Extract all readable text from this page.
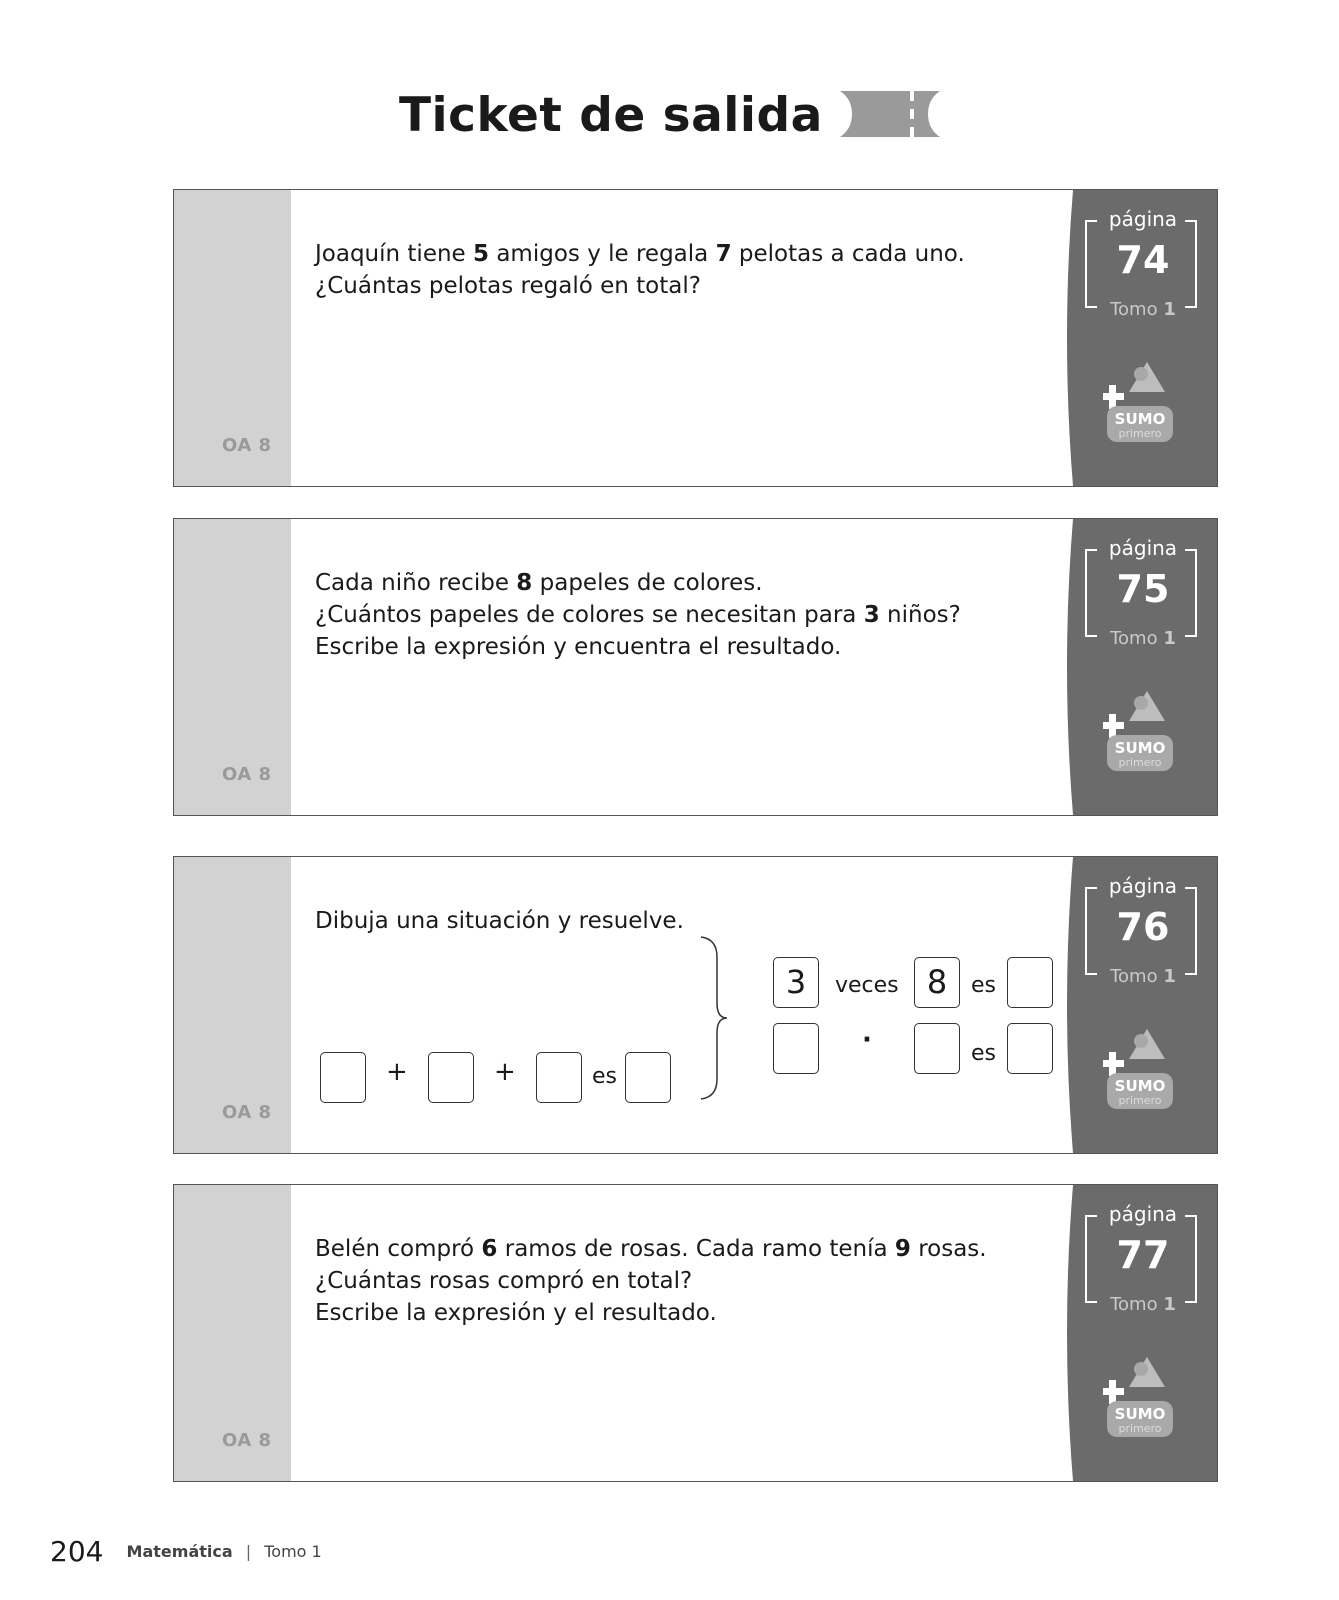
Ticket de salida
OA 8
Joaquín tiene 5 amigos y le regala 7 pelotas a cada uno.
¿Cuántas pelotas regaló en total?
página
74
Tomo 1
SUMO
primero
OA 8
Cada niño recibe 8 papeles de colores.
¿Cuántos papeles de colores se necesitan para 3 niños?
Escribe la expresión y encuentra el resultado.
página
75
Tomo 1
SUMO
primero
OA 8
Dibuja una situación y resuelve.
+	+	es
3	veces 8	es
·	es
página
76
Tomo 1
SUMO
primero
OA 8
Belén compró 6 ramos de rosas. Cada ramo tenía 9 rosas.
¿Cuántas rosas compró en total?
Escribe la expresión y el resultado.
página
77
Tomo 1
SUMO
primero
204 Matemática | Tomo 1
